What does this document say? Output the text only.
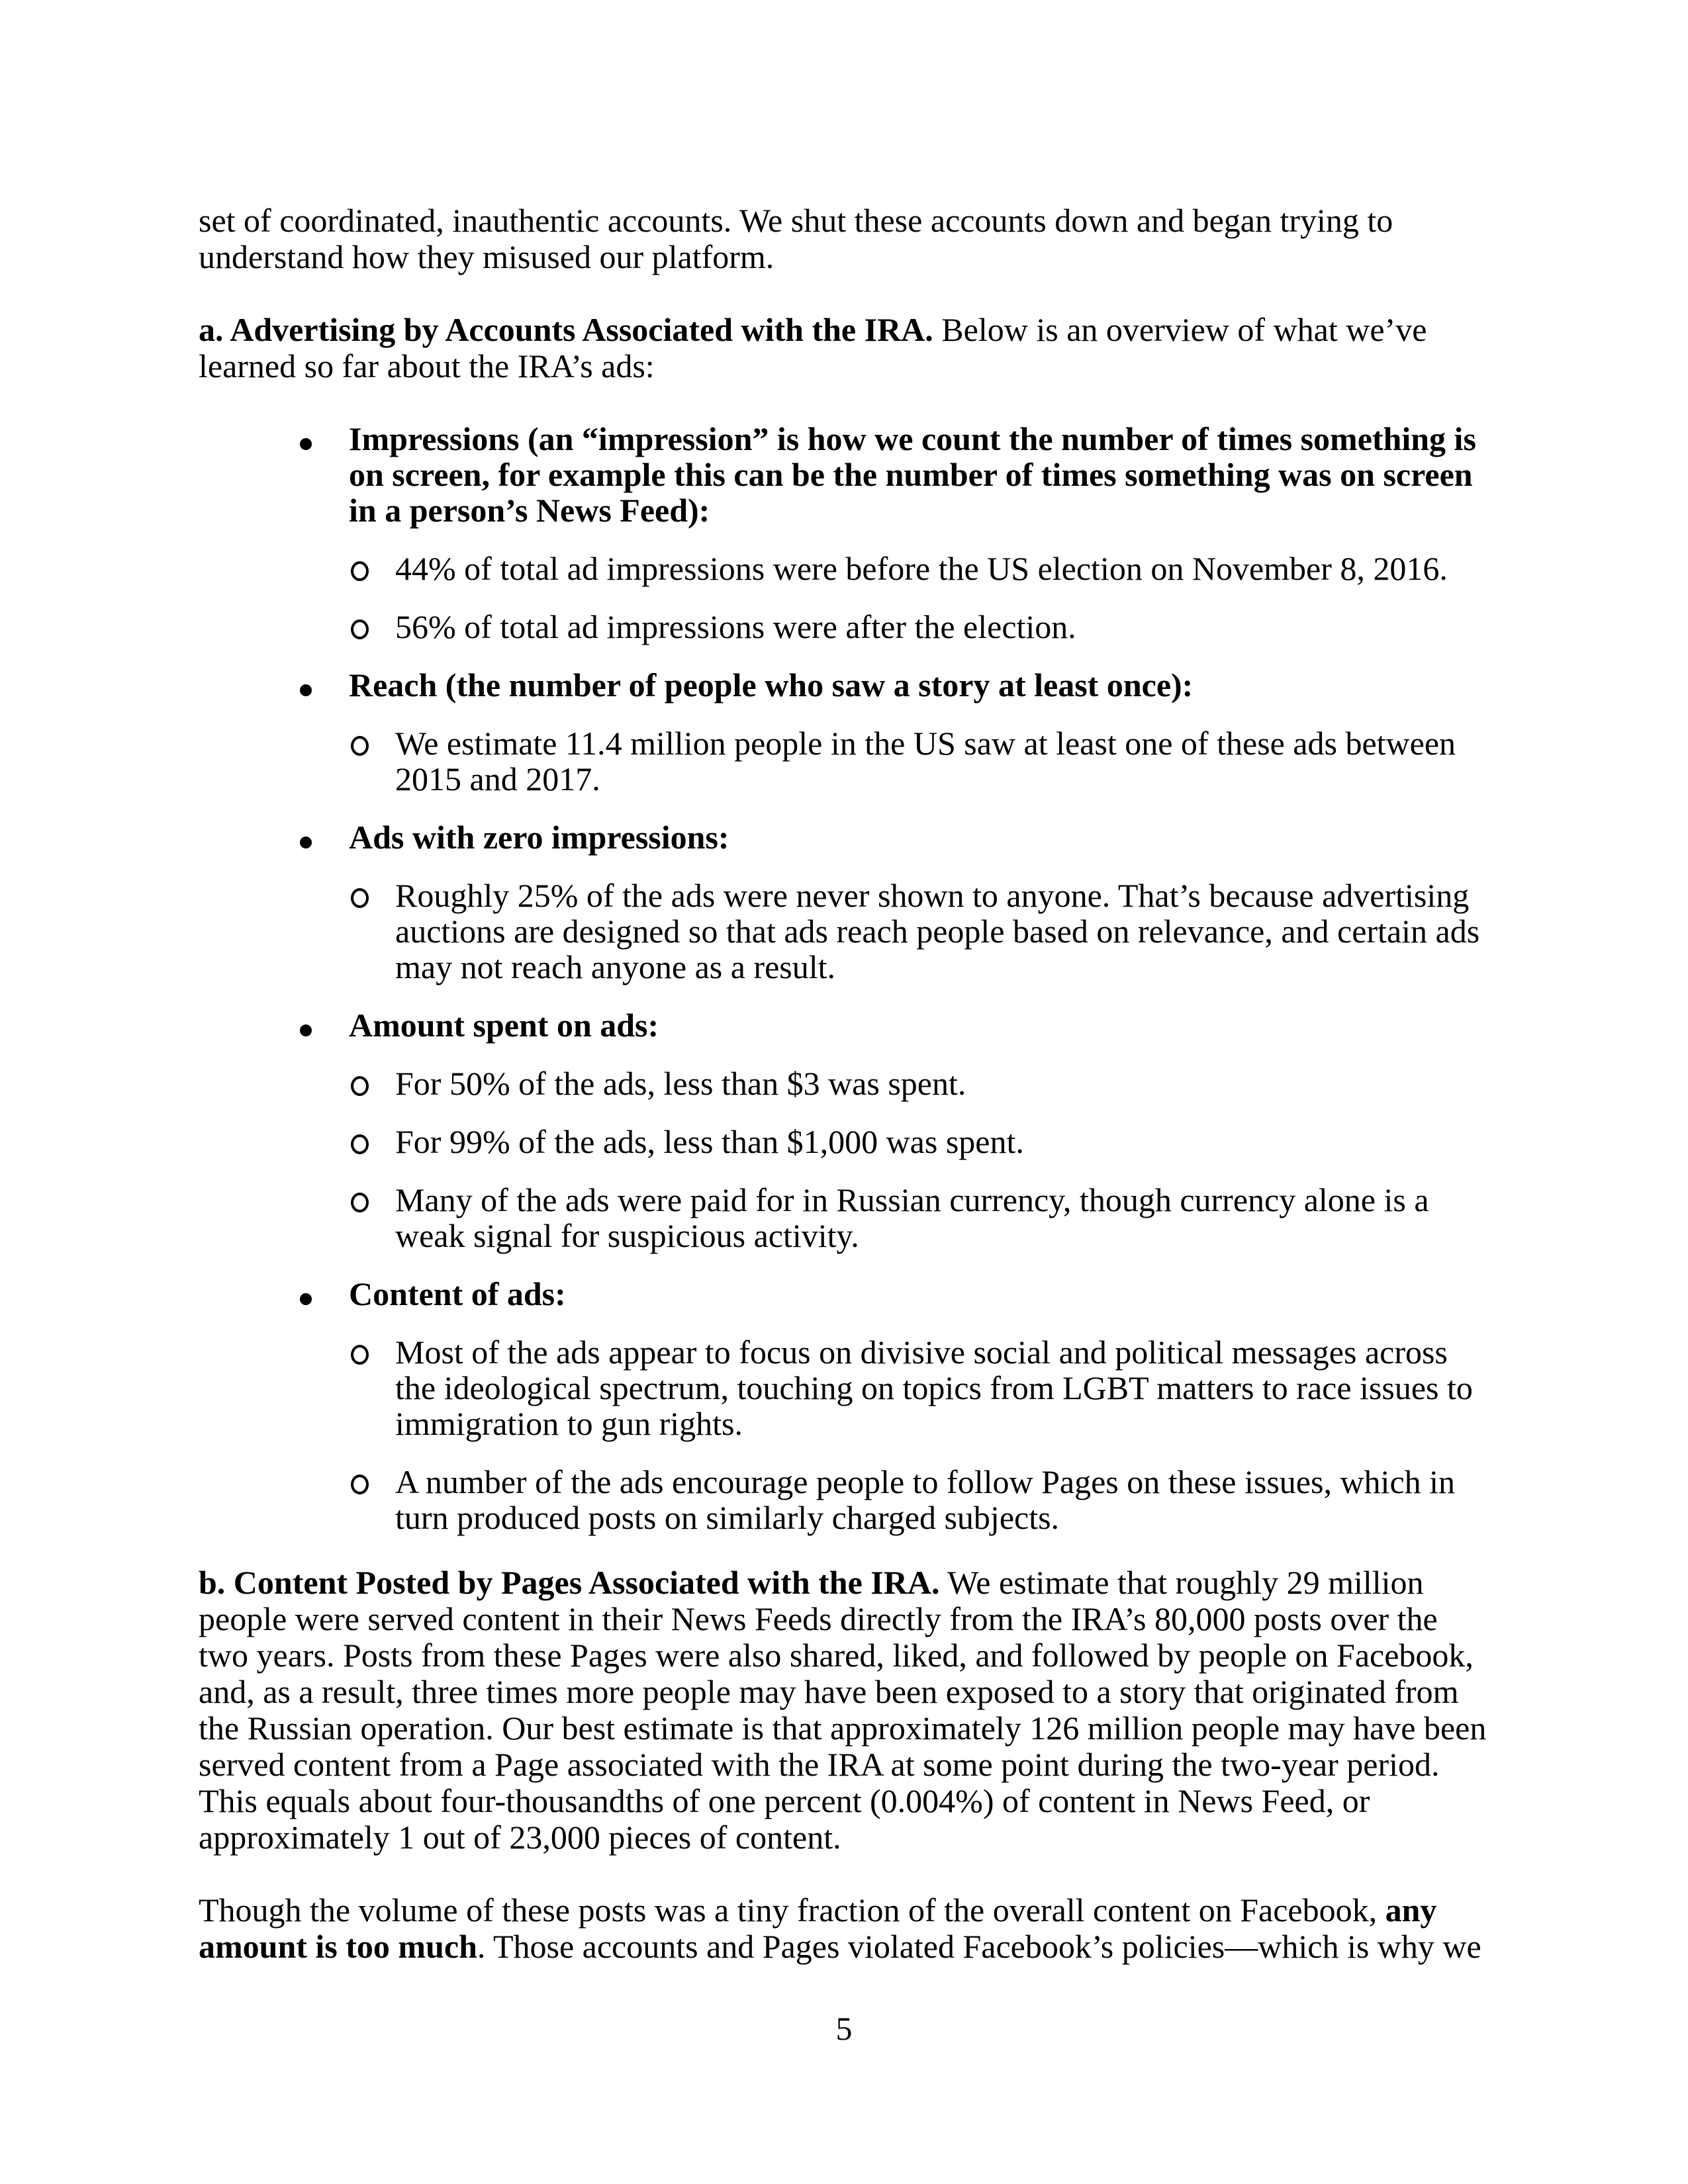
set of coordinated, inauthentic accounts. We shut these accounts down and began trying to
understand how they misused our platform.
a. Advertising by Accounts Associated with the IRA. Below is an overview of what we’ve
learned so far about the IRA’s ads:
Impressions (an “impression” is how we count the number of times something is
on screen, for example this can be the number of times something was on screen
in a person’s News Feed):
44% of total ad impressions were before the US election on November 8, 2016.
56% of total ad impressions were after the election.
Reach (the number of people who saw a story at least once):
We estimate 11.4 million people in the US saw at least one of these ads between
2015 and 2017.
Ads with zero impressions:
Roughly 25% of the ads were never shown to anyone. That’s because advertising
auctions are designed so that ads reach people based on relevance, and certain ads
may not reach anyone as a result.
Amount spent on ads:
For 50% of the ads, less than $3 was spent.
For 99% of the ads, less than $1,000 was spent.
Many of the ads were paid for in Russian currency, though currency alone is a
weak signal for suspicious activity.
Content of ads:
Most of the ads appear to focus on divisive social and political messages across
the ideological spectrum, touching on topics from LGBT matters to race issues to
immigration to gun rights.
A number of the ads encourage people to follow Pages on these issues, which in
turn produced posts on similarly charged subjects.
b. Content Posted by Pages Associated with the IRA. We estimate that roughly 29 million
people were served content in their News Feeds directly from the IRA’s 80,000 posts over the
two years. Posts from these Pages were also shared, liked, and followed by people on Facebook,
and, as a result, three times more people may have been exposed to a story that originated from
the Russian operation. Our best estimate is that approximately 126 million people may have been
served content from a Page associated with the IRA at some point during the two-year period.
This equals about four-thousandths of one percent (0.004%) of content in News Feed, or
approximately 1 out of 23,000 pieces of content.
Though the volume of these posts was a tiny fraction of the overall content on Facebook, any
amount is too much. Those accounts and Pages violated Facebook’s policies—which is why we
5
